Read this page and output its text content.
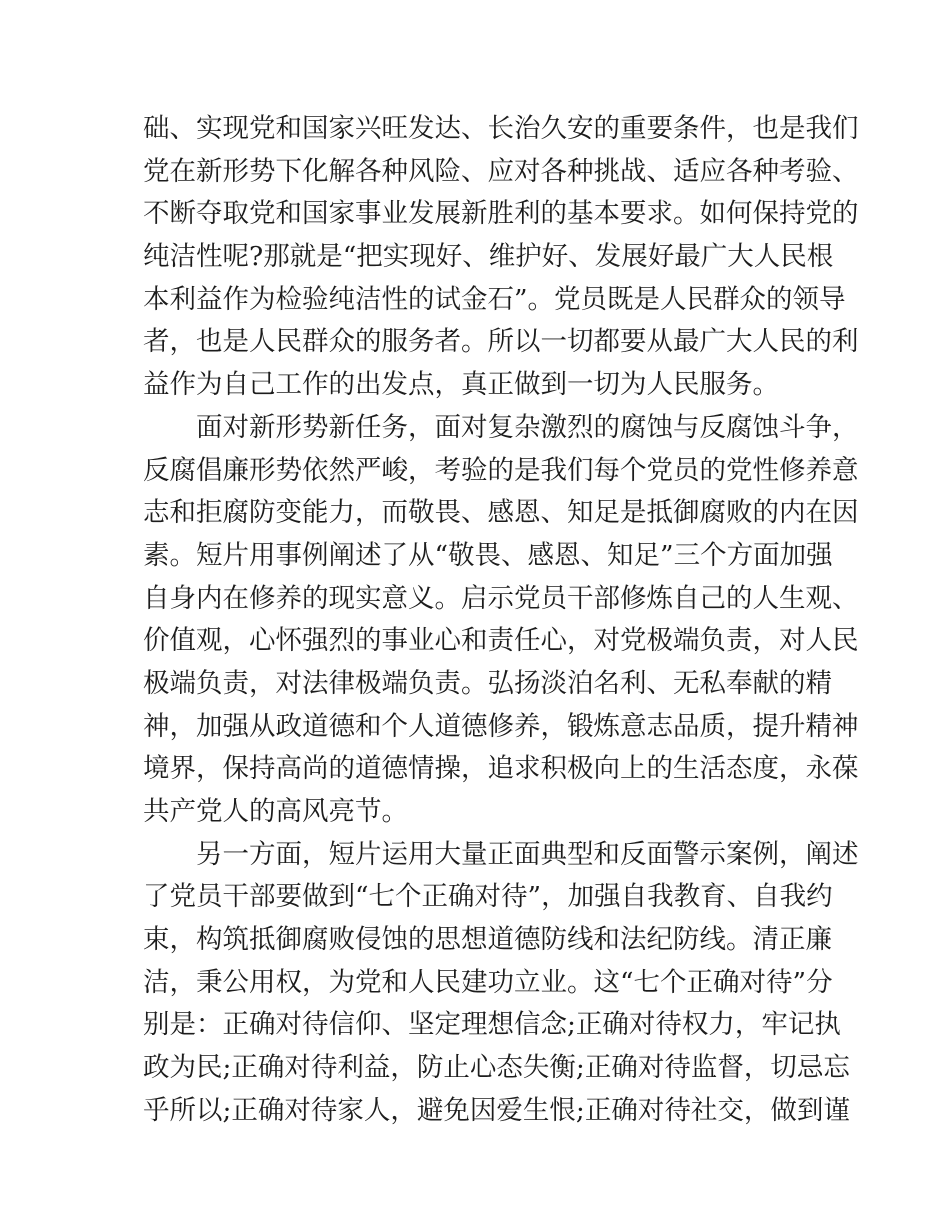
础、实现党和国家兴旺发达、长治久安的重要条件，也是我们
党在新形势下化解各种风险、应对各种挑战、适应各种考验、
不断夺取党和国家事业发展新胜利的基本要求。如何保持党的
纯洁性呢?那就是“把实现好、维护好、发展好最广大人民根
本利益作为检验纯洁性的试金石”。党员既是人民群众的领导
者，也是人民群众的服务者。所以一切都要从最广大人民的利
益作为自己工作的出发点，真正做到一切为人民服务。
面对新形势新任务，面对复杂激烈的腐蚀与反腐蚀斗争，
反腐倡廉形势依然严峻，考验的是我们每个党员的党性修养意
志和拒腐防变能力，而敬畏、感恩、知足是抵御腐败的内在因
素。短片用事例阐述了从“敬畏、感恩、知足”三个方面加强
自身内在修养的现实意义。启示党员干部修炼自己的人生观、
价值观，心怀强烈的事业心和责任心，对党极端负责，对人民
极端负责，对法律极端负责。弘扬淡泊名利、无私奉献的精
神，加强从政道德和个人道德修养，锻炼意志品质，提升精神
境界，保持高尚的道德情操，追求积极向上的生活态度，永葆
共产党人的高风亮节。
另一方面，短片运用大量正面典型和反面警示案例，阐述
了党员干部要做到“七个正确对待”，加强自我教育、自我约
束，构筑抵御腐败侵蚀的思想道德防线和法纪防线。清正廉
洁，秉公用权，为党和人民建功立业。这“七个正确对待”分
别是：正确对待信仰、坚定理想信念;正确对待权力，牢记执
政为民;正确对待利益，防止心态失衡;正确对待监督，切忌忘
乎所以;正确对待家人，避免因爱生恨;正确对待社交，做到谨
